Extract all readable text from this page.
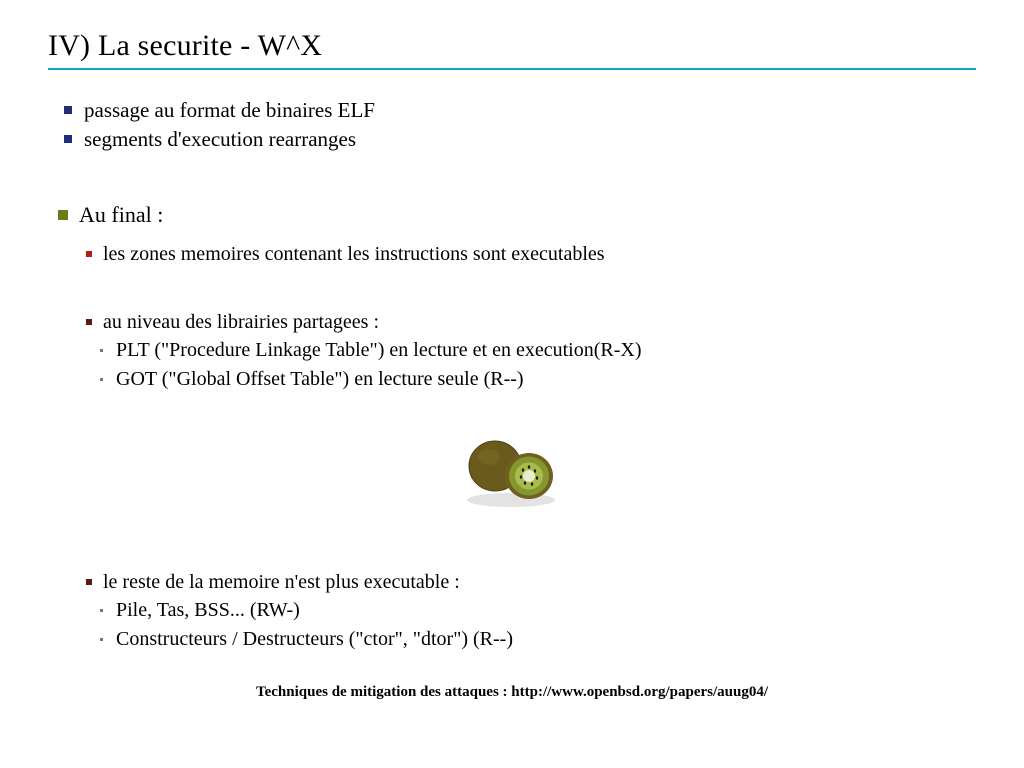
IV) La securite - W^X
passage au format de binaires ELF
segments d'execution rearranges
Au final :
les zones memoires contenant les instructions sont executables
au niveau des librairies partagees :
PLT ("Procedure Linkage Table") en lecture et en execution(R-X)
GOT ("Global Offset Table") en lecture seule (R--)
le reste de la memoire n'est plus executable :
Pile, Tas, BSS... (RW-)
Constructeurs / Destructeurs ("ctor", "dtor") (R--)
Techniques de mitigation des attaques : http://www.openbsd.org/papers/auug04/
